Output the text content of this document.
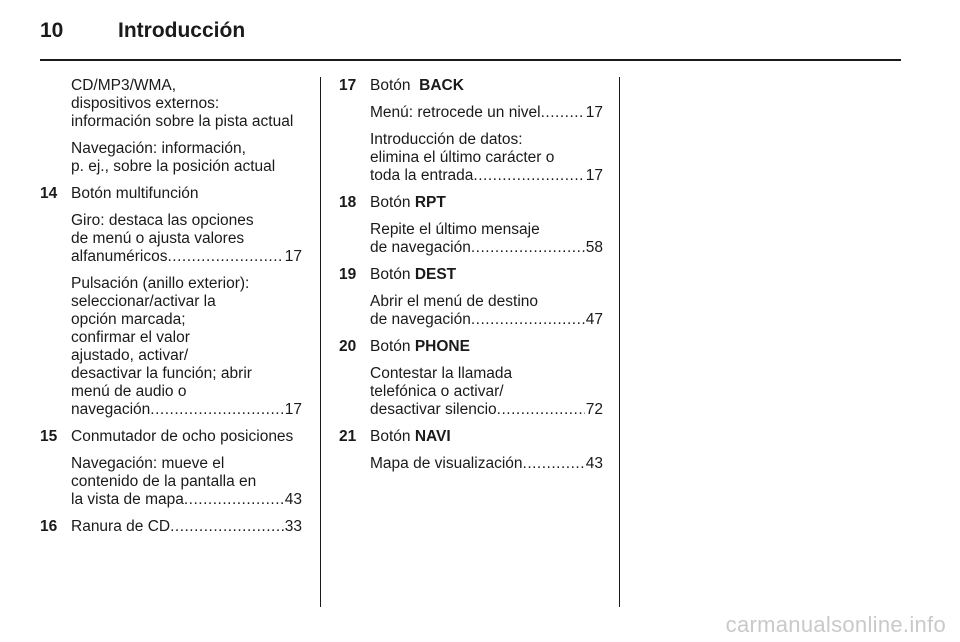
10	Introducción
CD/MP3/WMA,
dispositivos externos:
información sobre la pista actual
Navegación: información,
p. ej., sobre la posición actual
14 Botón multifunción
Giro: destaca las opciones
de menú o ajusta valores
alfanuméricos .....	17
Pulsación (anillo exterior):
seleccionar/activar la
opción marcada;
confirmar el valor
ajustado, activar/
desactivar la función; abrir
menú de audio o
navegación .....	17
15 Conmutador de ocho posiciones
Navegación: mueve el
contenido de la pantalla en
la vista de mapa .....	43
16 Ranura de CD .....	33
17 Botón  BACK
Menú: retrocede un nivel .....	17
Introducción de datos:
elimina el último carácter o
toda la entrada .....	17
18 Botón RPT
Repite el último mensaje
de navegación .....	58
19 Botón DEST
Abrir el menú de destino
de navegación .....	47
20 Botón PHONE
Contestar la llamada
telefónica o activar/
desactivar silencio .....	72
21 Botón NAVI
Mapa de visualización .....	43
carmanualsonline.info
